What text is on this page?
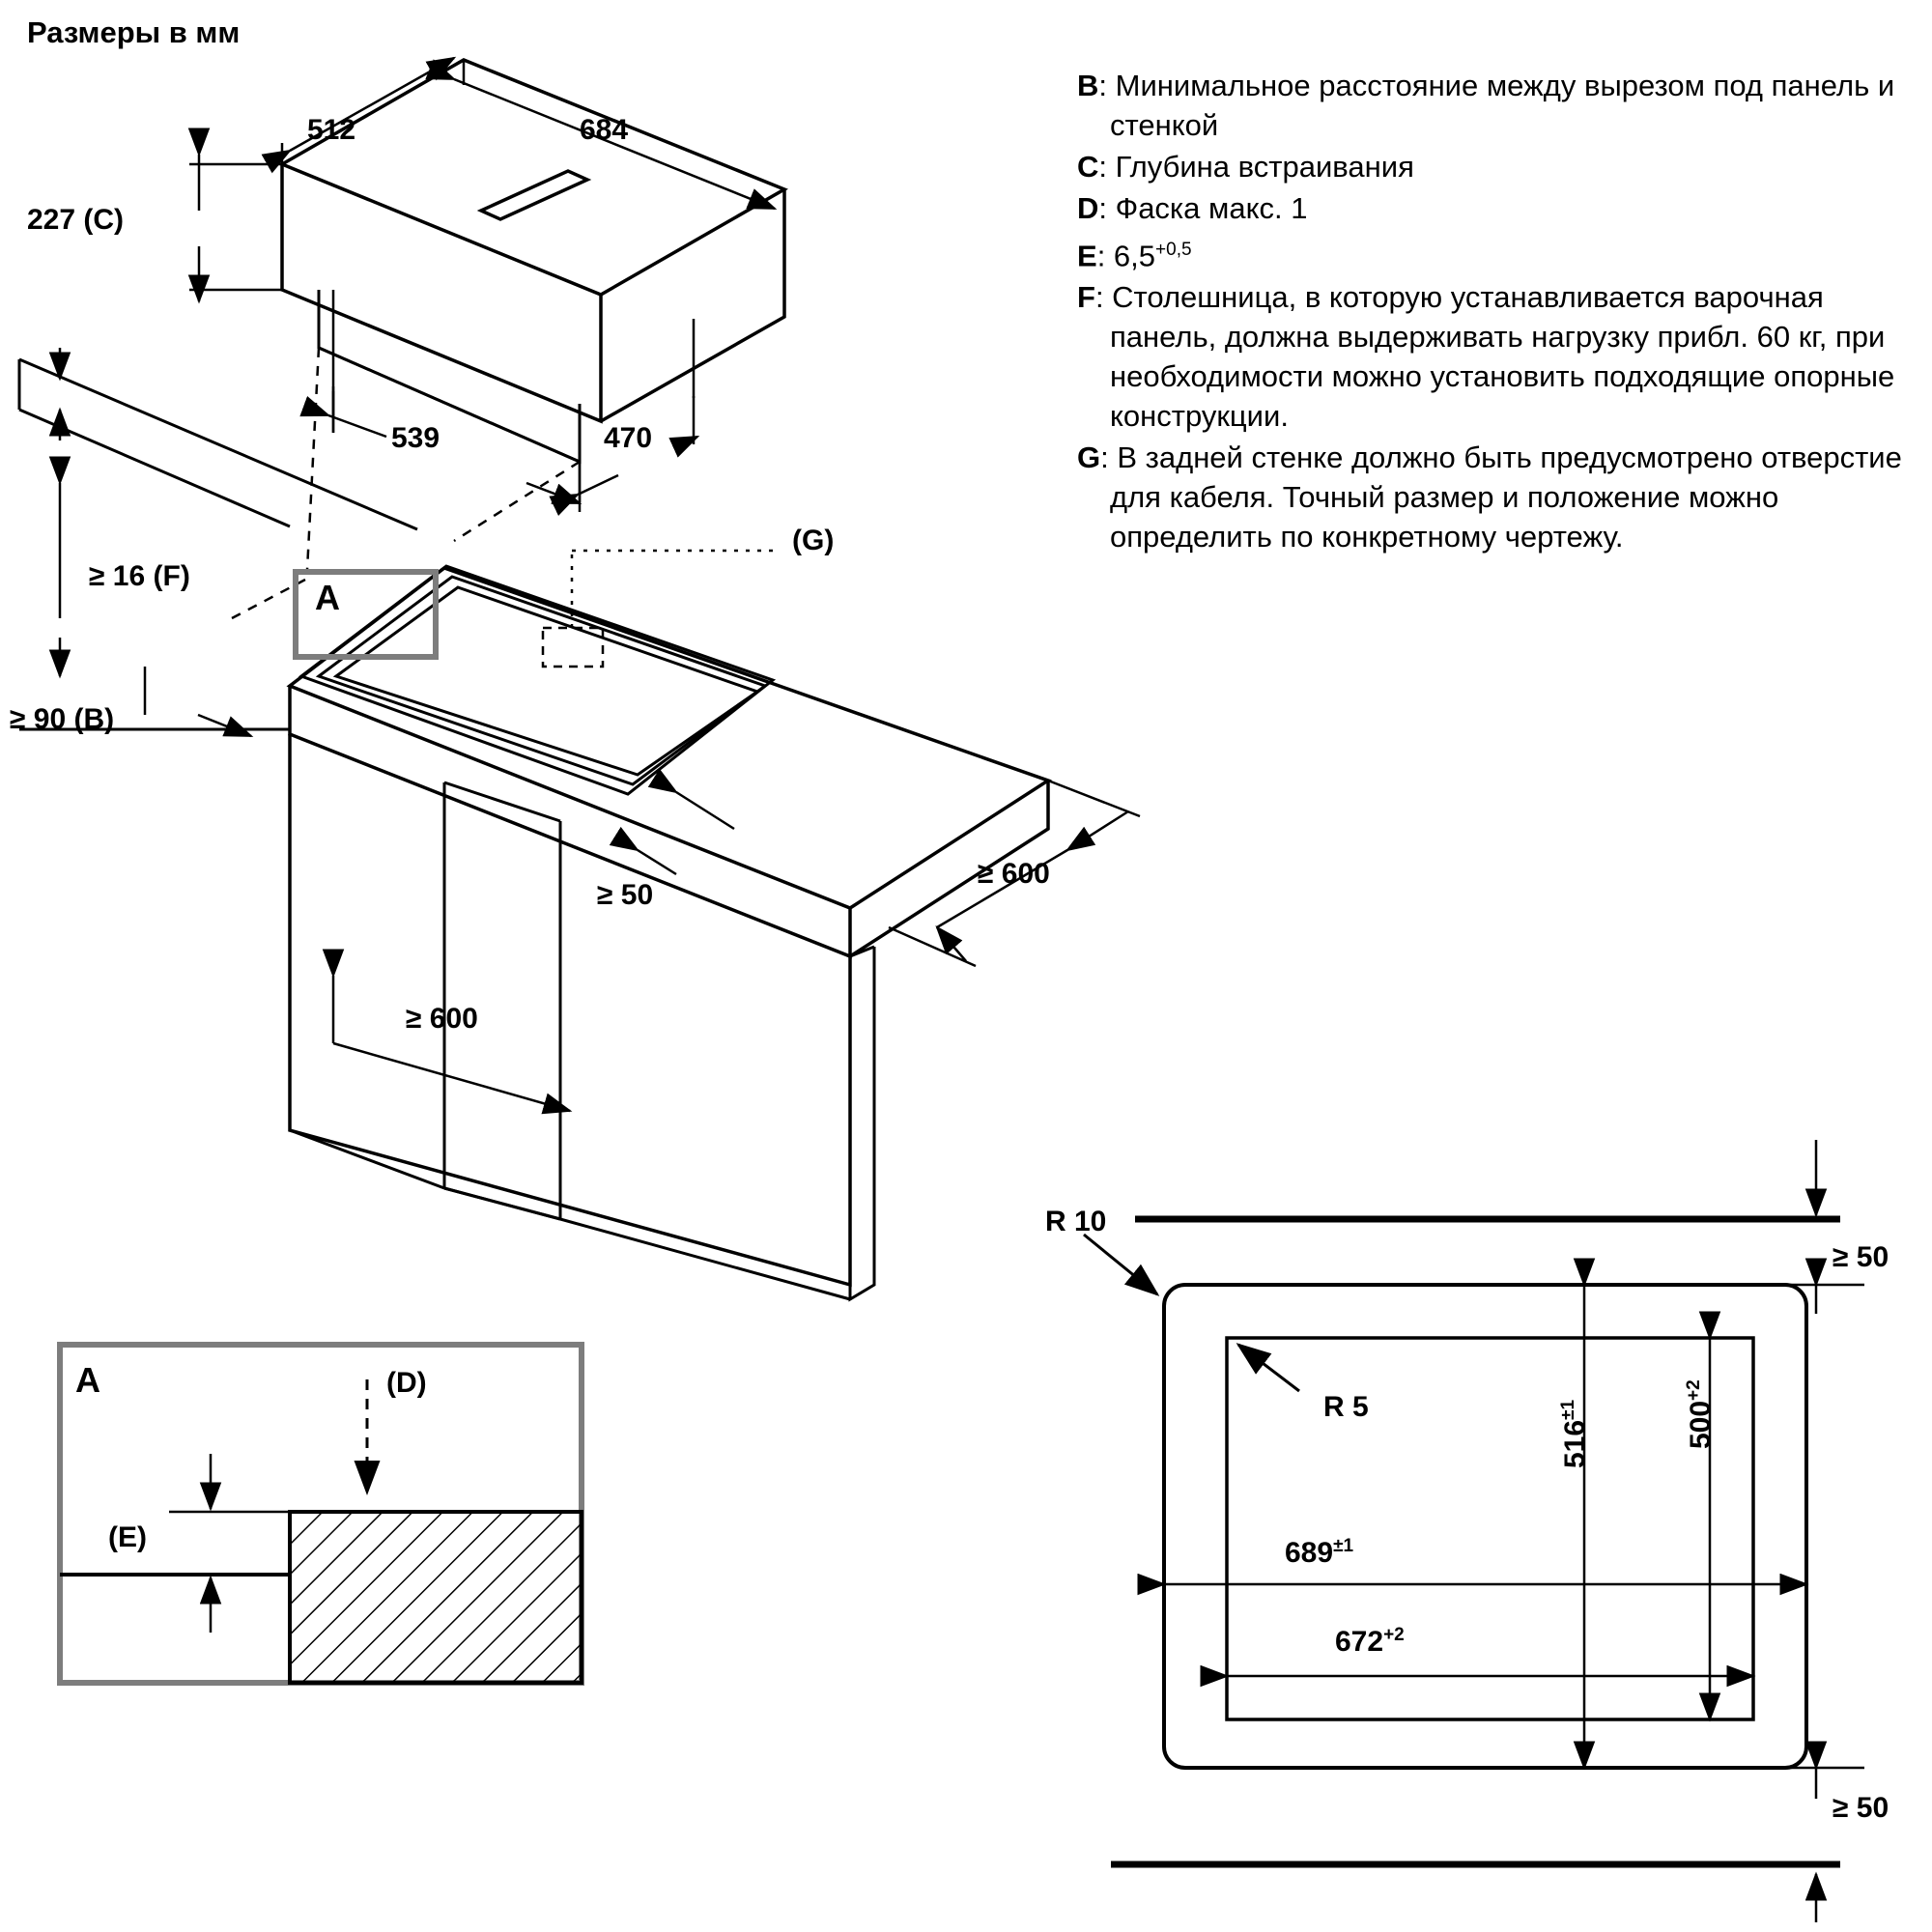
Размеры в мм
684
512
227 (C)
539	470
≥ 16 (F)
≥ 90 (B)
A
(G)
≥ 50
≥ 600
≥ 600
A	(D)
(E)
R 10
R 5
≥ 50
≥ 50
$516^{\pm 1}$	$500^{+2}$
$689^{\pm 1}$
$672^{+2}$
B: Минимальное расстояние между вырезом под панель и стенкой
C: Глубина встраивания
D: Фаска макс. 1
E: $6,5^{+0,5}$
F: Столешница, в которую устанавливается варочная панель, должна выдерживать нагрузку прибл. 60 кг, при необходимости можно установить подходящие опорные конструкции.
G: В задней стенке должно быть предусмотрено отверстие для кабеля. Точный размер и положение можно определить по конкретному чертежу.
